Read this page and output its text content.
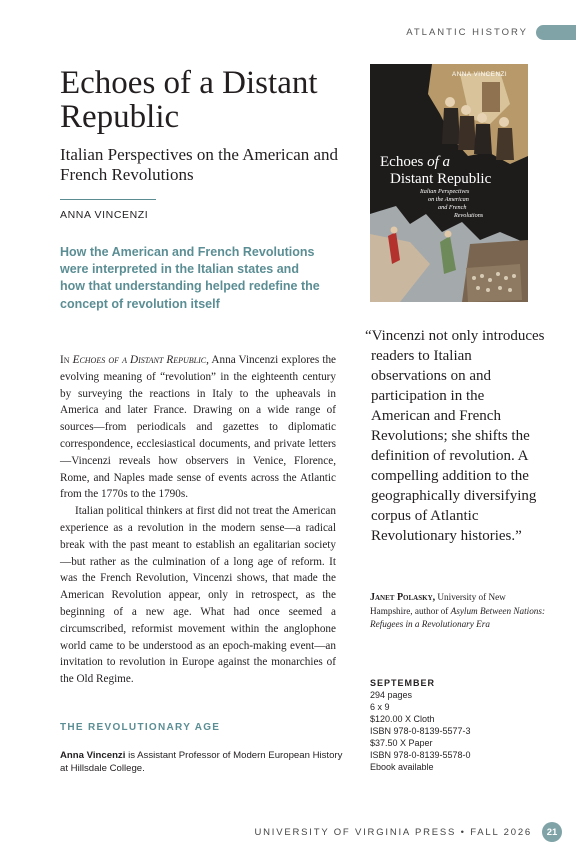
ATLANTIC HISTORY
Echoes of a Distant Republic
Italian Perspectives on the American and French Revolutions
ANNA VINCENZI

How the American and French Revolutions were interpreted in the Italian states and how that understanding helped redefine the concept of revolution itself

In Echoes of a Distant Republic, Anna Vincenzi explores the evolving meaning of “revolution” in the eighteenth century by surveying the reactions in Italy to the upheavals in America and later France. Drawing on a wide range of sources—from periodicals and gazettes to diplomatic correspondence, ecclesiastical documents, and private letters—Vincenzi reveals how observers in Venice, Florence, Rome, and Naples made sense of events across the Atlantic from the 1770s to the 1790s.

Italian political thinkers at first did not treat the American experience as a revolution in the modern sense—a radical break with the past meant to establish an egalitarian society—but rather as the culmination of a long age of reform. It was the French Revolution, Vincenzi shows, that made the American Revolution appear, only in retrospect, as the beginning of a new age. What had once seemed a circumscribed, reformist movement within the anglophone world came to be understood as an epoch-making event—an invitation to revolution in Europe against the monarchies of the Old Regime.

THE REVOLUTIONARY AGE
Anna Vincenzi is Assistant Professor of Modern European History at Hillsdale College.
ANNA VINCENZI
Echoes of a
Distant Republic
Italian Perspectives
on the American
and French
Revolutions
“Vincenzi not only introduces readers to Italian observations on and participation in the American and French Revolutions; she shifts the definition of revolution. A compelling addition to the geographically diversifying corpus of Atlantic Revolutionary histories.”
Janet Polasky, University of New Hampshire, author of Asylum Between Nations: Refugees in a Revolutionary Era
SEPTEMBER
294 pages
6 x 9
$120.00 X Cloth
ISBN 978-0-8139-5577-3
$37.50 X Paper
ISBN 978-0-8139-5578-0
Ebook available
UNIVERSITY OF VIRGINIA PRESS • FALL 2026	21
